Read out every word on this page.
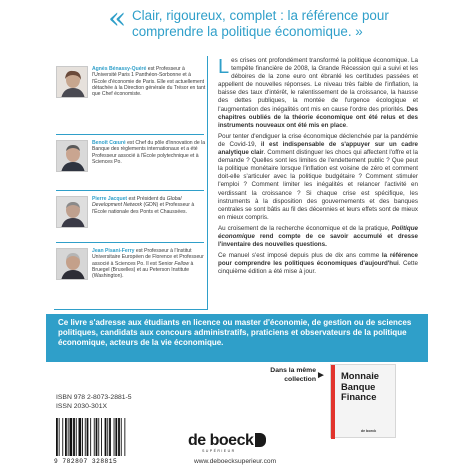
« Clair, rigoureux, complet : la référence pour comprendre la politique économique. »
Agnès Bénassy-Quéré est Professeur à l'Université Paris 1 Panthéon-Sorbonne et à l'École d'économie de Paris. Elle est actuellement détachée à la Direction générale du Trésor en tant que Chef économiste.
Benoît Cœuré est Chef du pôle d'innovation de la Banque des règlements internationaux et a été Professeur associé à l'École polytechnique et à Sciences Po.
Pierre Jacquet est Président du Global Development Network (GDN) et Professeur à l'École nationale des Ponts et Chaussées.
Jean Pisani-Ferry est Professeur à l'Institut Universitaire Européen de Florence et Professeur associé à Sciences Po. Il est Senior Fellow à Bruegel (Bruxelles) et au Peterson Institute (Washington).

Les crises ont profondément transformé la politique économique. La tempête financière de 2008, la Grande Récession qui a suivi et les déboires de la zone euro ont ébranlé les certitudes passées et appellent de nouvelles réponses. Le niveau très faible de l'inflation, la baisse des taux d'intérêt, le ralentissement de la croissance, la hausse des dettes publiques, la montée de l'urgence écologique et l'augmentation des inégalités ont mis en cause l'ordre des priorités. Des chapitres oubliés de la théorie économique ont été relus et des instruments nouveaux ont été mis en place.

Pour tenter d'endiguer la crise économique déclenchée par la pandémie de Covid-19, il est indispensable de s'appuyer sur un cadre analytique clair. Comment distinguer les chocs qui affectent l'offre et la demande ? Quelles sont les limites de l'endettement public ? Que peut la politique monétaire lorsque l'inflation est voisine de zéro et comment doit-elle s'articuler avec la politique budgétaire ? Comment stimuler l'emploi ? Comment limiter les inégalités et relancer l'activité en verdissant la croissance ? Si chaque crise est spécifique, les instruments à la disposition des gouvernements et des banques centrales se sont bâtis au fil des décennies et leurs effets sont de mieux en mieux compris.

Au croisement de la recherche économique et de la pratique, Politique économique rend compte de ce savoir accumulé et dresse l'inventaire des nouvelles questions.

Ce manuel s'est imposé depuis plus de dix ans comme la référence pour comprendre les politiques économiques d'aujourd'hui. Cette cinquième édition a été mise à jour.

Ce livre s'adresse aux étudiants en licence ou master d'économie, de gestion ou de sciences politiques, candidats aux concours administratifs, praticiens et observateurs de la politique économique, acteurs de la vie économique.
Dans la même collection ► Monnaie
Banque
Finance
de boeck
ISBN 978 2-8073-2881-5
ISSN 2030-301X
9 782807 328815
de boeck
SUPÉRIEUR
www.deboecksuperieur.com
